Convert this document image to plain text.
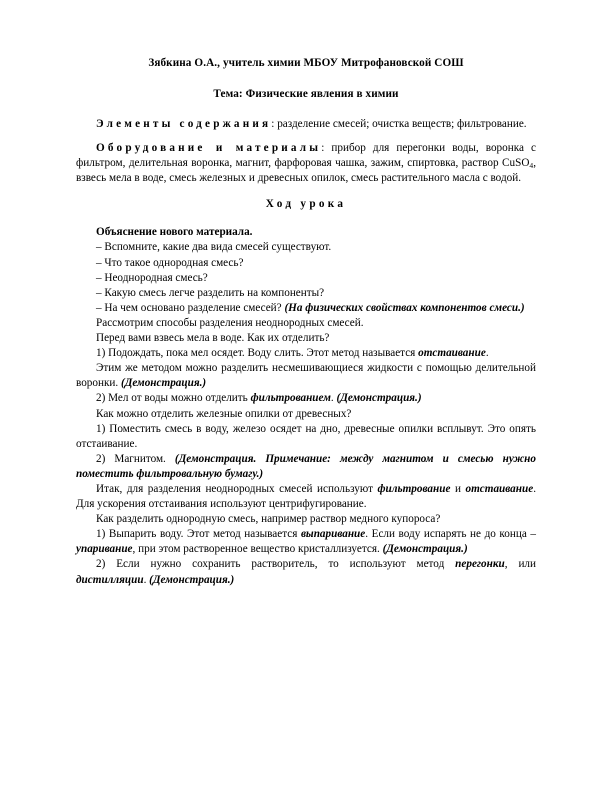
Зябкина О.А., учитель химии МБОУ Митрофановской СОШ
Тема: Физические явления в химии

Элементы содержания: разделение смесей; очистка веществ; фильтрование.

Оборудование и материалы: прибор для перегонки воды, воронка с фильтром, делительная воронка, магнит, фарфоровая чашка, зажим, спиртовка, раствор CuSO$_4$, взвесь мела в воде, смесь железных и древесных опилок, смесь растительного масла с водой.

Ход урока

Объяснение нового материала.

– Вспомните, какие два вида смесей существуют.

– Что такое однородная смесь?

– Неоднородная смесь?

– Какую смесь легче разделить на компоненты?

– На чем основано разделение смесей? (На физических свойствах компонентов смеси.)

Рассмотрим способы разделения неоднородных смесей.

Перед вами взвесь мела в воде. Как их отделить?

1) Подождать, пока мел осядет. Воду слить. Этот метод называется отстаивание.

Этим же методом можно разделить несмешивающиеся жидкости с помощью делительной воронки. (Демонстрация.)

2) Мел от воды можно отделить фильтрованием. (Демонстрация.)

Как можно отделить железные опилки от древесных?

1) Поместить смесь в воду, железо осядет на дно, древесные опилки всплывут. Это опять отстаивание.

2) Магнитом. (Демонстрация. Примечание: между магнитом и смесью нужно поместить фильтровальную бумагу.)

Итак, для разделения неоднородных смесей используют фильтрование и отстаивание. Для ускорения отстаивания используют центрифугирование.

Как разделить однородную смесь, например раствор медного купороса?

1) Выпарить воду. Этот метод называется выпаривание. Если воду испарять не до конца – упаривание, при этом растворенное вещество кристаллизуется. (Демонстрация.)

2) Если нужно сохранить растворитель, то используют метод перегонки, или дистилляции. (Демонстрация.)
